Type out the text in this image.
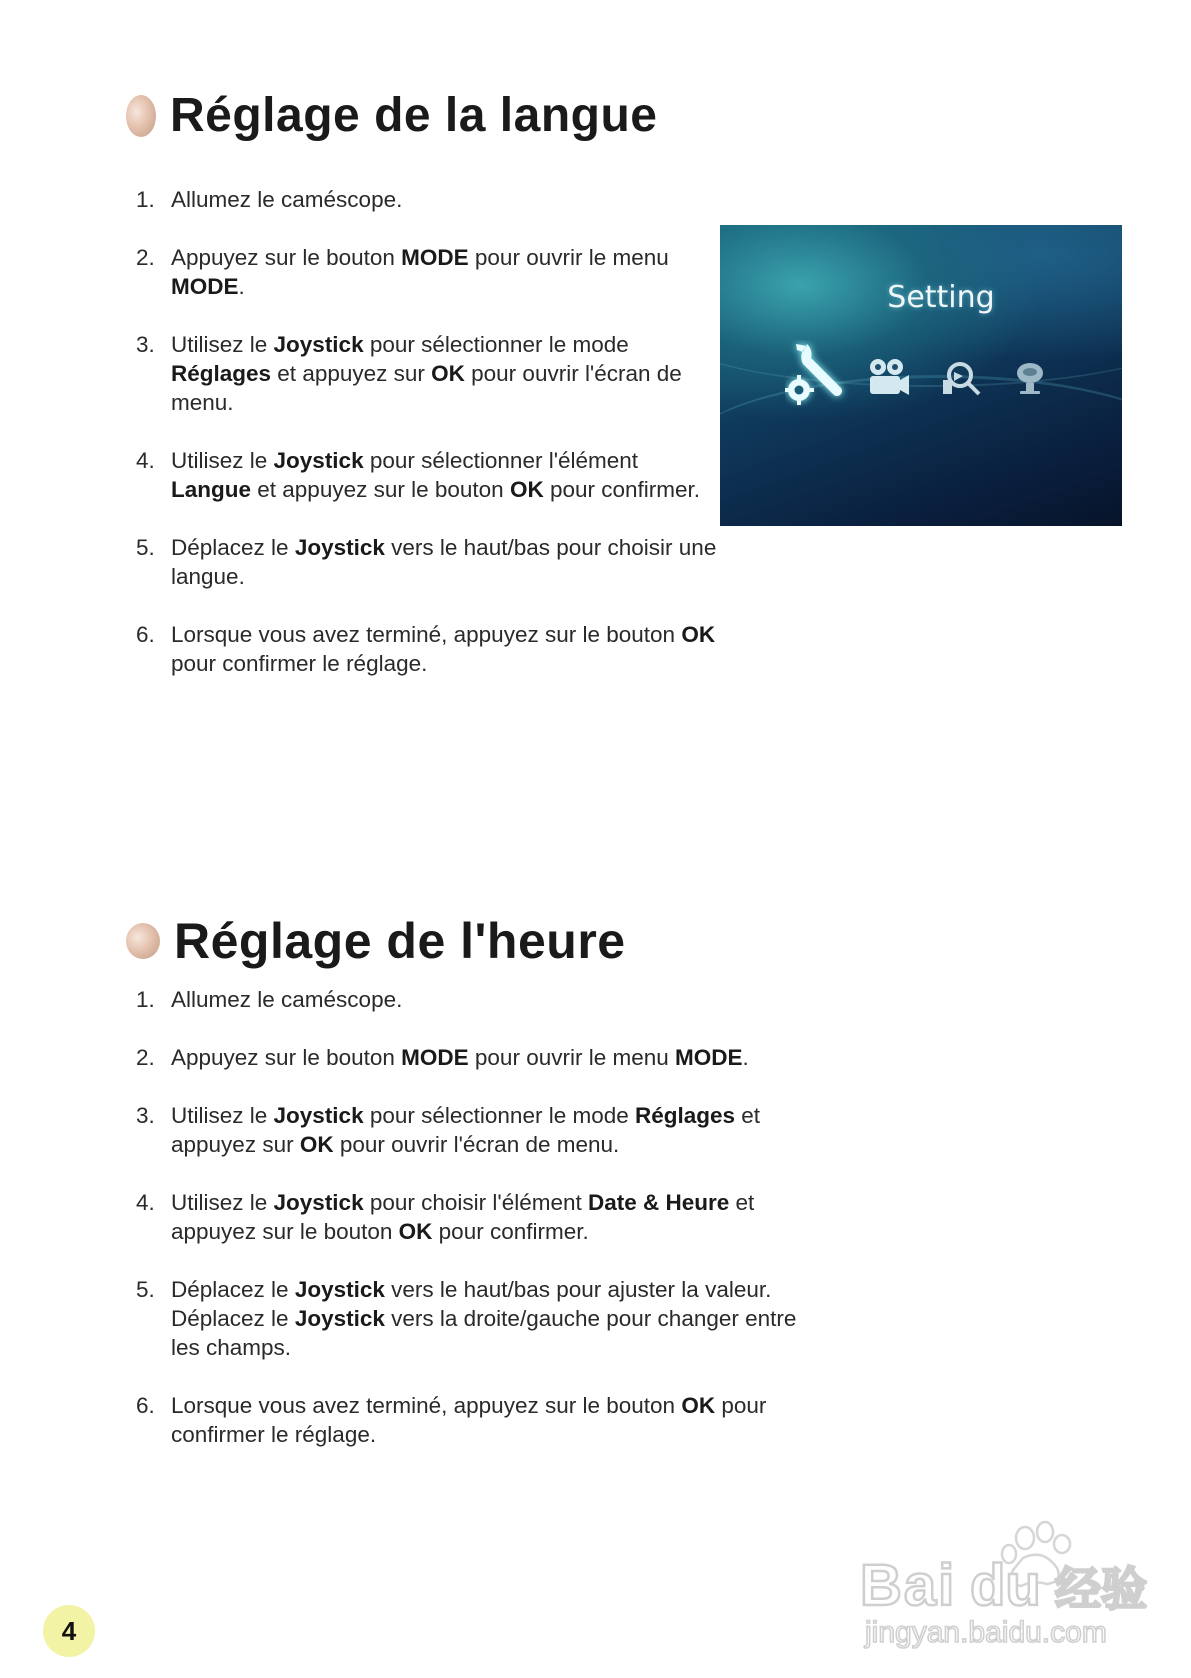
Réglage de la langue
1. Allumez le caméscope.
2. Appuyez sur le bouton MODE pour ouvrir le menu MODE.
3. Utilisez le Joystick pour sélectionner le mode Réglages et appuyez sur OK pour ouvrir l'écran de menu.
4. Utilisez le Joystick pour sélectionner l'élément Langue et appuyez sur le bouton OK pour confirmer.
5. Déplacez le Joystick vers le haut/bas pour choisir une langue.
6. Lorsque vous avez terminé, appuyez sur le bouton OK pour confirmer le réglage.
Setting
Réglage de l'heure
1. Allumez le caméscope.
2. Appuyez sur le bouton MODE pour ouvrir le menu MODE.
3. Utilisez le Joystick pour sélectionner le mode Réglages et appuyez sur OK pour ouvrir l'écran de menu.
4. Utilisez le Joystick pour choisir l'élément Date & Heure et appuyez sur le bouton OK pour confirmer.
5. Déplacez le Joystick vers le haut/bas pour ajuster la valeur. Déplacez le Joystick vers la droite/gauche pour changer entre les champs.
6. Lorsque vous avez terminé, appuyez sur le bouton OK pour confirmer le réglage.
4
Bai du 经验
jingyan.baidu.com
